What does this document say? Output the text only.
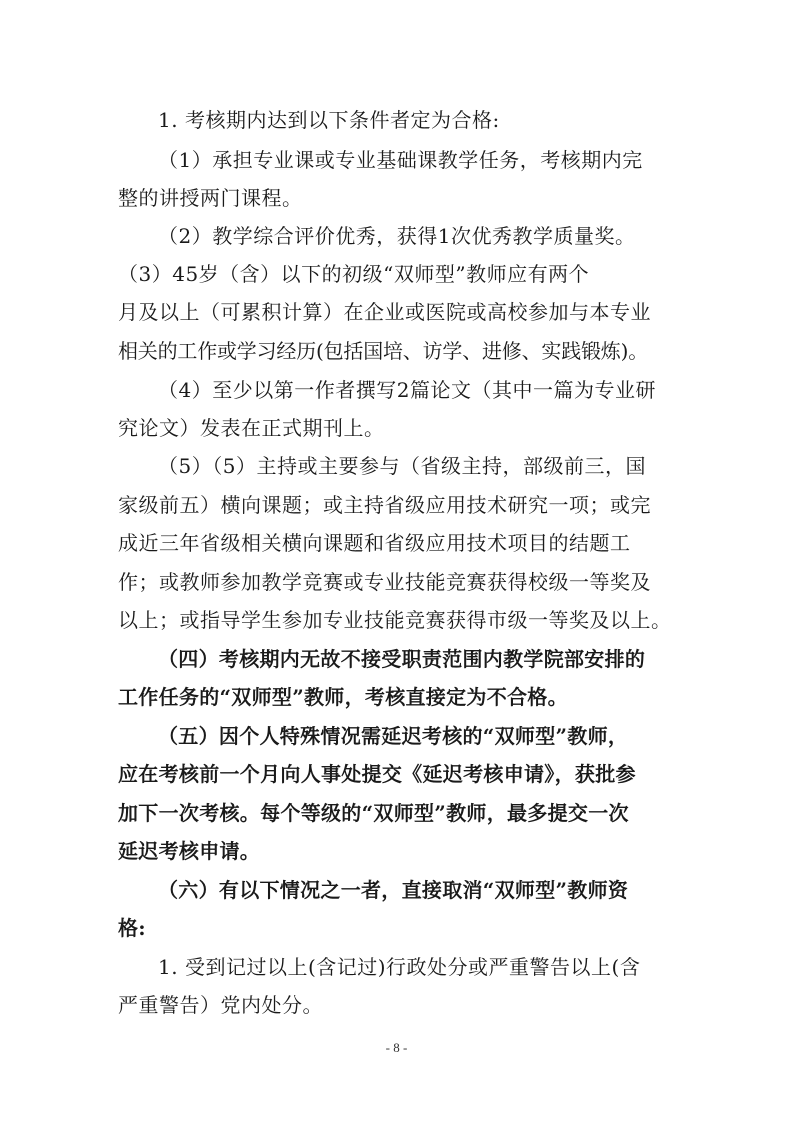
1. 考核期内达到以下条件者定为合格:
（1）承担专业课或专业基础课教学任务，考核期内完
整的讲授两门课程。
（2）教学综合评价优秀，获得1次优秀教学质量奖。
（3）45岁（含）以下的初级“双师型”教师应有两个
月及以上（可累积计算）在企业或医院或高校参加与本专业
相关的工作或学习经历(包括国培、访学、进修、实践锻炼)。
（4）至少以第一作者撰写2篇论文（其中一篇为专业研
究论文）发表在正式期刊上。
（5）（5）主持或主要参与（省级主持，部级前三，国
家级前五）横向课题；或主持省级应用技术研究一项；或完
成近三年省级相关横向课题和省级应用技术项目的结题工
作；或教师参加教学竞赛或专业技能竞赛获得校级一等奖及
以上；或指导学生参加专业技能竞赛获得市级一等奖及以上。
（四）考核期内无故不接受职责范围内教学院部安排的
工作任务的“双师型”教师，考核直接定为不合格。
（五）因个人特殊情况需延迟考核的“双师型”教师，
应在考核前一个月向人事处提交《延迟考核申请》，获批参
加下一次考核。每个等级的“双师型”教师，最多提交一次
延迟考核申请。
（六）有以下情况之一者，直接取消“双师型”教师资
格:
1. 受到记过以上(含记过)行政处分或严重警告以上(含
严重警告）党内处分。
- 8 -
